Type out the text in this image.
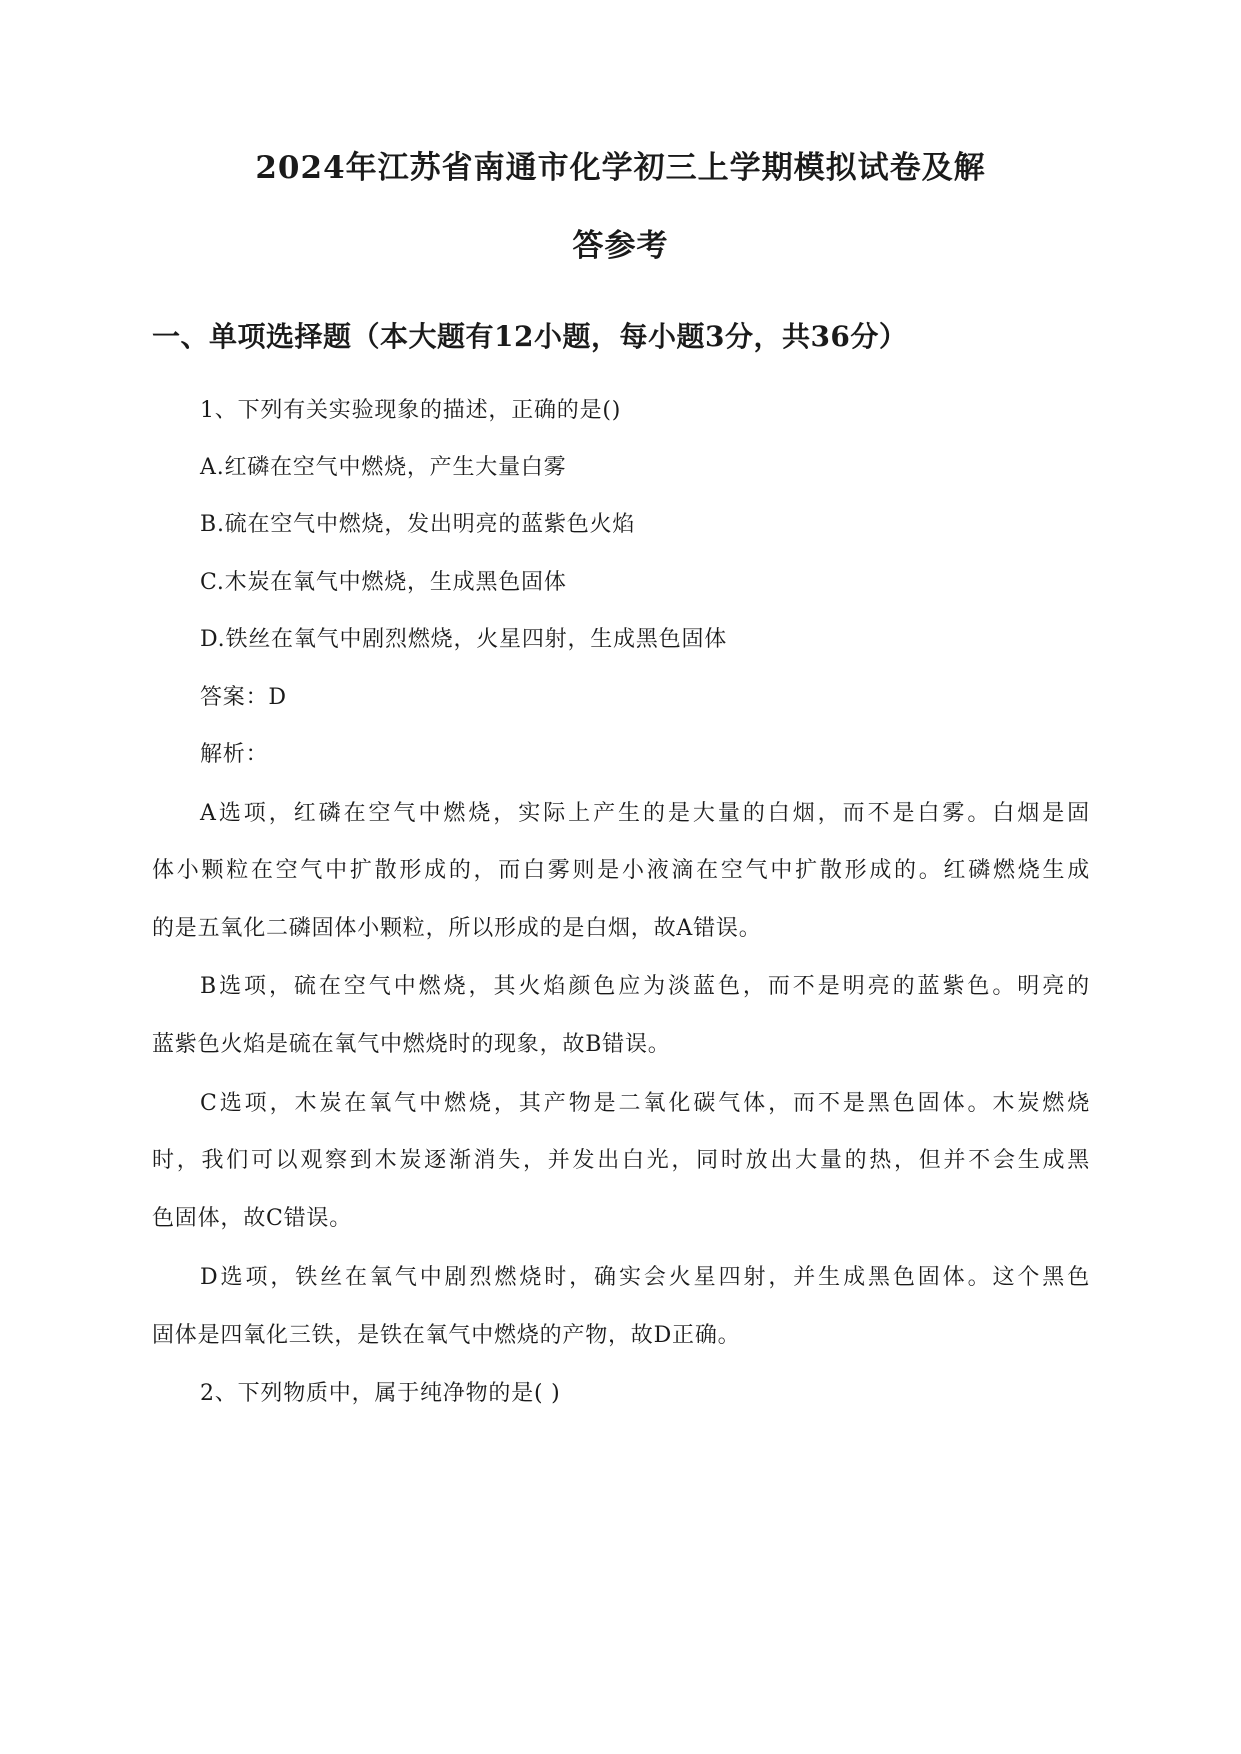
2024年江苏省南通市化学初三上学期模拟试卷及解
答参考
一、单项选择题（本大题有12小题，每小题3分，共36分）
1、下列有关实验现象的描述，正确的是()
A.红磷在空气中燃烧，产生大量白雾
B.硫在空气中燃烧，发出明亮的蓝紫色火焰
C.木炭在氧气中燃烧，生成黑色固体
D.铁丝在氧气中剧烈燃烧，火星四射，生成黑色固体
答案：D
解析：
A选项，红磷在空气中燃烧，实际上产生的是大量的白烟，而不是白雾。白烟是固
体小颗粒在空气中扩散形成的，而白雾则是小液滴在空气中扩散形成的。红磷燃烧生成
的是五氧化二磷固体小颗粒，所以形成的是白烟，故A错误。
B选项，硫在空气中燃烧，其火焰颜色应为淡蓝色，而不是明亮的蓝紫色。明亮的
蓝紫色火焰是硫在氧气中燃烧时的现象，故B错误。
C选项，木炭在氧气中燃烧，其产物是二氧化碳气体，而不是黑色固体。木炭燃烧
时，我们可以观察到木炭逐渐消失，并发出白光，同时放出大量的热，但并不会生成黑
色固体，故C错误。
D选项，铁丝在氧气中剧烈燃烧时，确实会火星四射，并生成黑色固体。这个黑色
固体是四氧化三铁，是铁在氧气中燃烧的产物，故D正确。
2、下列物质中，属于纯净物的是( )
